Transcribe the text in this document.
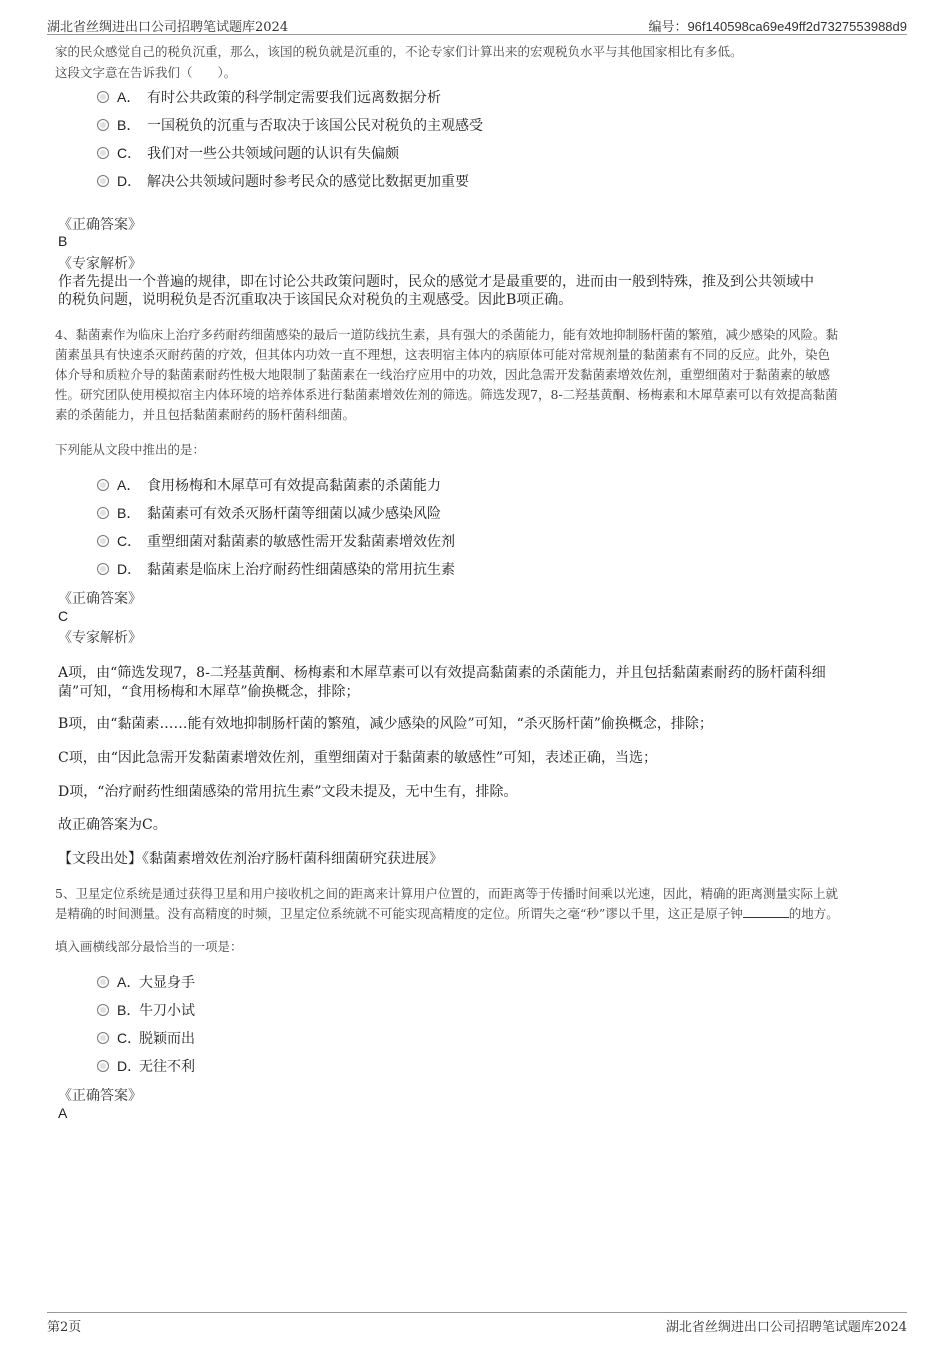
湖北省丝绸进出口公司招聘笔试题库2024	编号：96f140598ca69e49ff2d7327553988d9
家的民众感觉自己的税负沉重，那么，该国的税负就是沉重的，不论专家们计算出来的宏观税负水平与其他国家相比有多低。
这段文字意在告诉我们（　　）。
A． 有时公共政策的科学制定需要我们远离数据分析
B． 一国税负的沉重与否取决于该国公民对税负的主观感受
C． 我们对一些公共领域问题的认识有失偏颇
D． 解决公共领域问题时参考民众的感觉比数据更加重要
《正确答案》
B
《专家解析》
作者先提出一个普遍的规律，即在讨论公共政策问题时，民众的感觉才是最重要的，进而由一般到特殊，推及到公共领域中
的税负问题，说明税负是否沉重取决于该国民众对税负的主观感受。因此B项正确。
4、黏菌素作为临床上治疗多药耐药细菌感染的最后一道防线抗生素，具有强大的杀菌能力，能有效地抑制肠杆菌的繁殖，减少感染的风险。黏
菌素虽具有快速杀灭耐药菌的疗效，但其体内功效一直不理想，这表明宿主体内的病原体可能对常规剂量的黏菌素有不同的反应。此外，染色
体介导和质粒介导的黏菌素耐药性极大地限制了黏菌素在一线治疗应用中的功效，因此急需开发黏菌素增效佐剂，重塑细菌对于黏菌素的敏感
性。研究团队使用模拟宿主内体环境的培养体系进行黏菌素增效佐剂的筛选。筛选发现7，8-二羟基黄酮、杨梅素和木犀草素可以有效提高黏菌
素的杀菌能力，并且包括黏菌素耐药的肠杆菌科细菌。
下列能从文段中推出的是：
A． 食用杨梅和木犀草可有效提高黏菌素的杀菌能力
B． 黏菌素可有效杀灭肠杆菌等细菌以减少感染风险
C． 重塑细菌对黏菌素的敏感性需开发黏菌素增效佐剂
D． 黏菌素是临床上治疗耐药性细菌感染的常用抗生素
《正确答案》
C
《专家解析》
A项，由“筛选发现7，8-二羟基黄酮、杨梅素和木犀草素可以有效提高黏菌素的杀菌能力，并且包括黏菌素耐药的肠杆菌科细
菌”可知，“食用杨梅和木犀草”偷换概念，排除；
B项，由“黏菌素……能有效地抑制肠杆菌的繁殖，减少感染的风险”可知，“杀灭肠杆菌”偷换概念，排除；
C项，由“因此急需开发黏菌素增效佐剂，重塑细菌对于黏菌素的敏感性”可知，表述正确，当选；
D项，“治疗耐药性细菌感染的常用抗生素”文段未提及，无中生有，排除。
故正确答案为C。
【文段出处】《黏菌素增效佐剂治疗肠杆菌科细菌研究获进展》
5、卫星定位系统是通过获得卫星和用户接收机之间的距离来计算用户位置的，而距离等于传播时间乘以光速，因此，精确的距离测量实际上就
是精确的时间测量。没有高精度的时频，卫星定位系统就不可能实现高精度的定位。所谓失之毫“秒”谬以千里，这正是原子钟	的地方。
填入画横线部分最恰当的一项是：
A．大显身手
B．牛刀小试
C．脱颖而出
D．无往不利
《正确答案》
A
第2页	湖北省丝绸进出口公司招聘笔试题库2024
